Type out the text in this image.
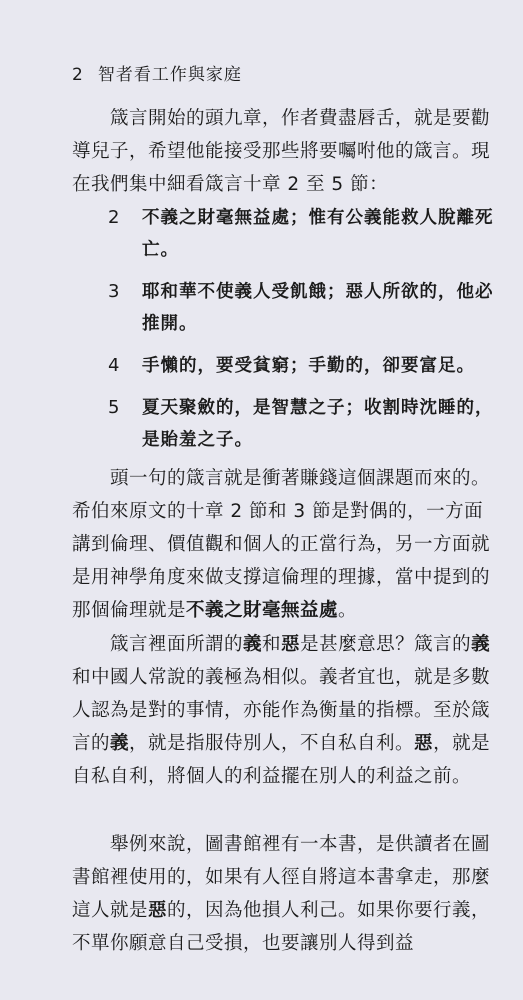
2 智者看工作與家庭
箴言開始的頭九章，作者費盡唇舌，就是要勸導兒子，希望他能接受那些將要囑咐他的箴言。現在我們集中細看箴言十章 2 至 5 節：
2	不義之財毫無益處；惟有公義能救人脫離死亡。
3	耶和華不使義人受飢餓；惡人所欲的，他必推開。
4	手懶的，要受貧窮；手勤的，卻要富足。
5	夏天聚斂的，是智慧之子；收割時沈睡的，是貽羞之子。
頭一句的箴言就是衝著賺錢這個課題而來的。希伯來原文的十章 2 節和 3 節是對偶的，一方面講到倫理、價值觀和個人的正當行為，另一方面就是用神學角度來做支撐這倫理的理據，當中提到的那個倫理就是不義之財毫無益處。
箴言裡面所謂的義和惡是甚麼意思？箴言的義和中國人常說的義極為相似。義者宜也，就是多數人認為是對的事情，亦能作為衡量的指標。至於箴言的義，就是指服侍別人，不自私自利。惡，就是自私自利，將個人的利益擺在別人的利益之前。
舉例來說，圖書館裡有一本書，是供讀者在圖書館裡使用的，如果有人徑自將這本書拿走，那麼這人就是惡的，因為他損人利己。如果你要行義，不單你願意自己受損，也要讓別人得到益
